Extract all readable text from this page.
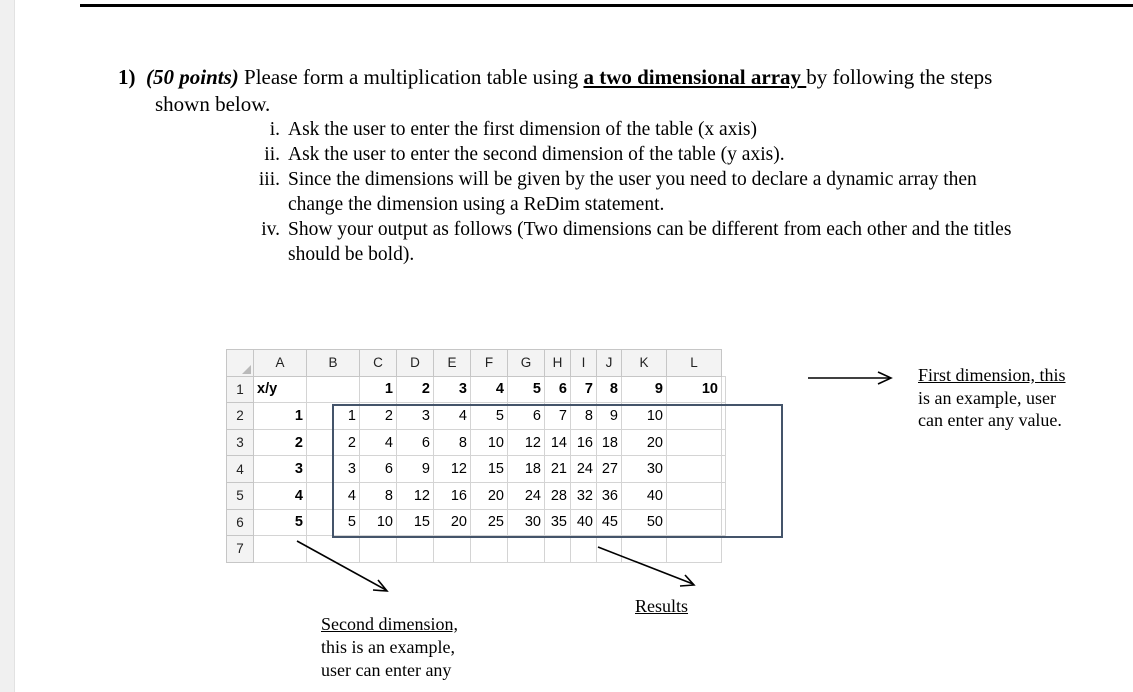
1) (50 points) Please form a multiplication table using a two dimensional array by following the steps
shown below.
i. Ask the user to enter the first dimension of the table (x axis)
ii. Ask the user to enter the second dimension of the table (y axis).
iii. Since the dimensions will be given by the user you need to declare a dynamic array then
change the dimension using a ReDim statement.
iv. Show your output as follows (Two dimensions can be different from each other and the titles
should be bold).
	A	B	C	D	E	F	G	H	I	J	K	L	
1	x/y		1	2	3	4	5	6	7	8	9	10	
2	1	1	2	3	4	5	6	7	8	9	10		
3	2	2	4	6	8	10	12	14	16	18	20		
4	3	3	6	9	12	15	18	21	24	27	30		
5	4	4	8	12	16	20	24	28	32	36	40		
6	5	5	10	15	20	25	30	35	40	45	50		
7													
First dimension, this
is an example, user
can enter any value.
Results
Second dimension,
this is an example,
user can enter any
